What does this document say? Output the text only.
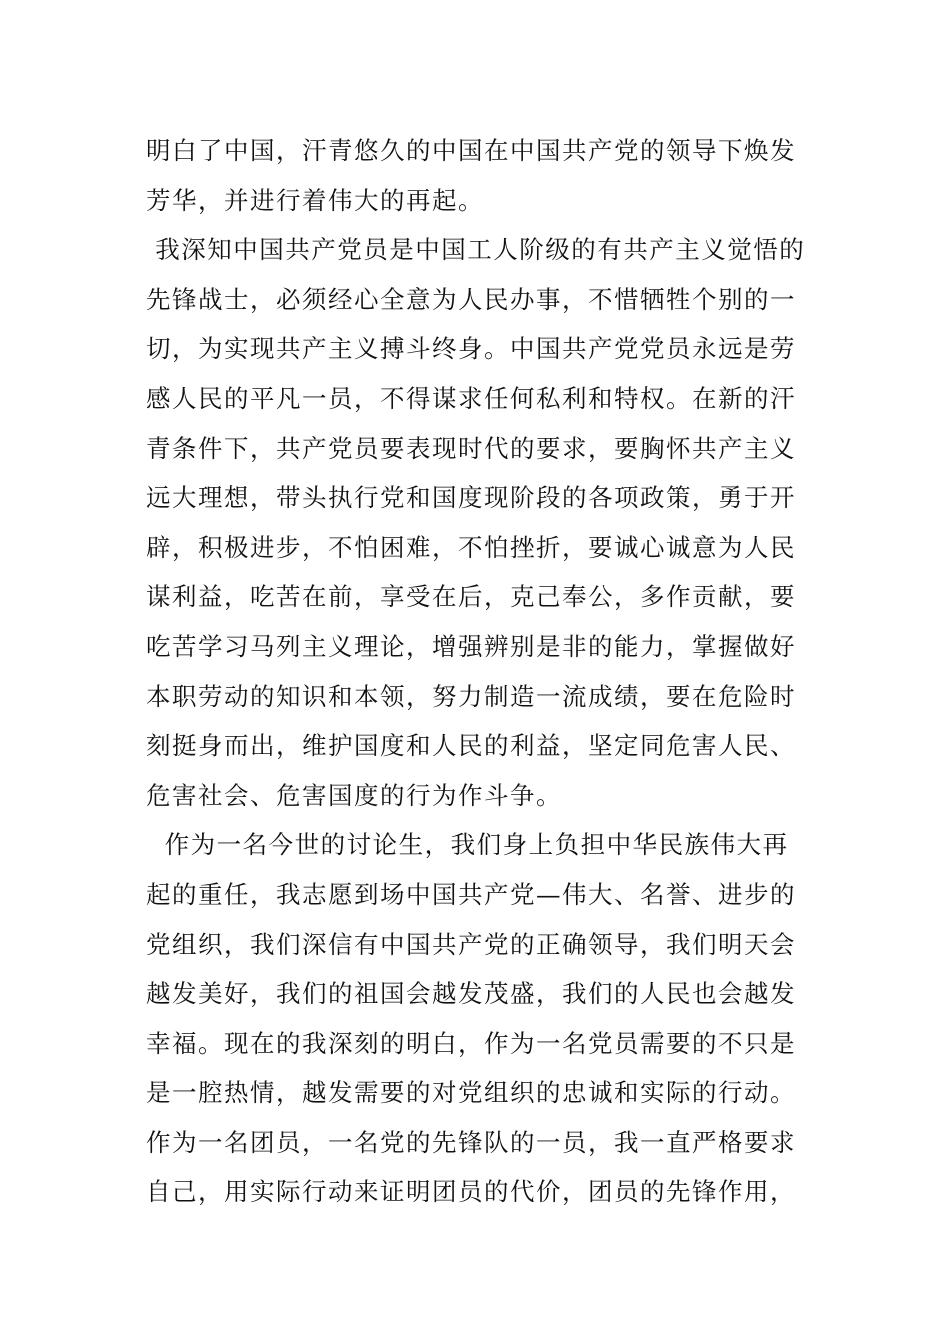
明白了中国，汗青悠久的中国在中国共产党的领导下焕发
芳华，并进行着伟大的再起。
我深知中国共产党员是中国工人阶级的有共产主义觉悟的
先锋战士，必须经心全意为人民办事，不惜牺牲个别的一
切，为实现共产主义搏斗终身。中国共产党党员永远是劳
感人民的平凡一员，不得谋求任何私利和特权。在新的汗
青条件下，共产党员要表现时代的要求，要胸怀共产主义
远大理想，带头执行党和国度现阶段的各项政策，勇于开
辟，积极进步，不怕困难，不怕挫折，要诚心诚意为人民
谋利益，吃苦在前，享受在后，克己奉公，多作贡献，要
吃苦学习马列主义理论，增强辨别是非的能力，掌握做好
本职劳动的知识和本领，努力制造一流成绩，要在危险时
刻挺身而出，维护国度和人民的利益，坚定同危害人民、
危害社会、危害国度的行为作斗争。
作为一名今世的讨论生，我们身上负担中华民族伟大再
起的重任，我志愿到场中国共产党—伟大、名誉、进步的
党组织，我们深信有中国共产党的正确领导，我们明天会
越发美好，我们的祖国会越发茂盛，我们的人民也会越发
幸福。现在的我深刻的明白，作为一名党员需要的不只是
是一腔热情，越发需要的对党组织的忠诚和实际的行动。
作为一名团员，一名党的先锋队的一员，我一直严格要求
自己，用实际行动来证明团员的代价，团员的先锋作用，
